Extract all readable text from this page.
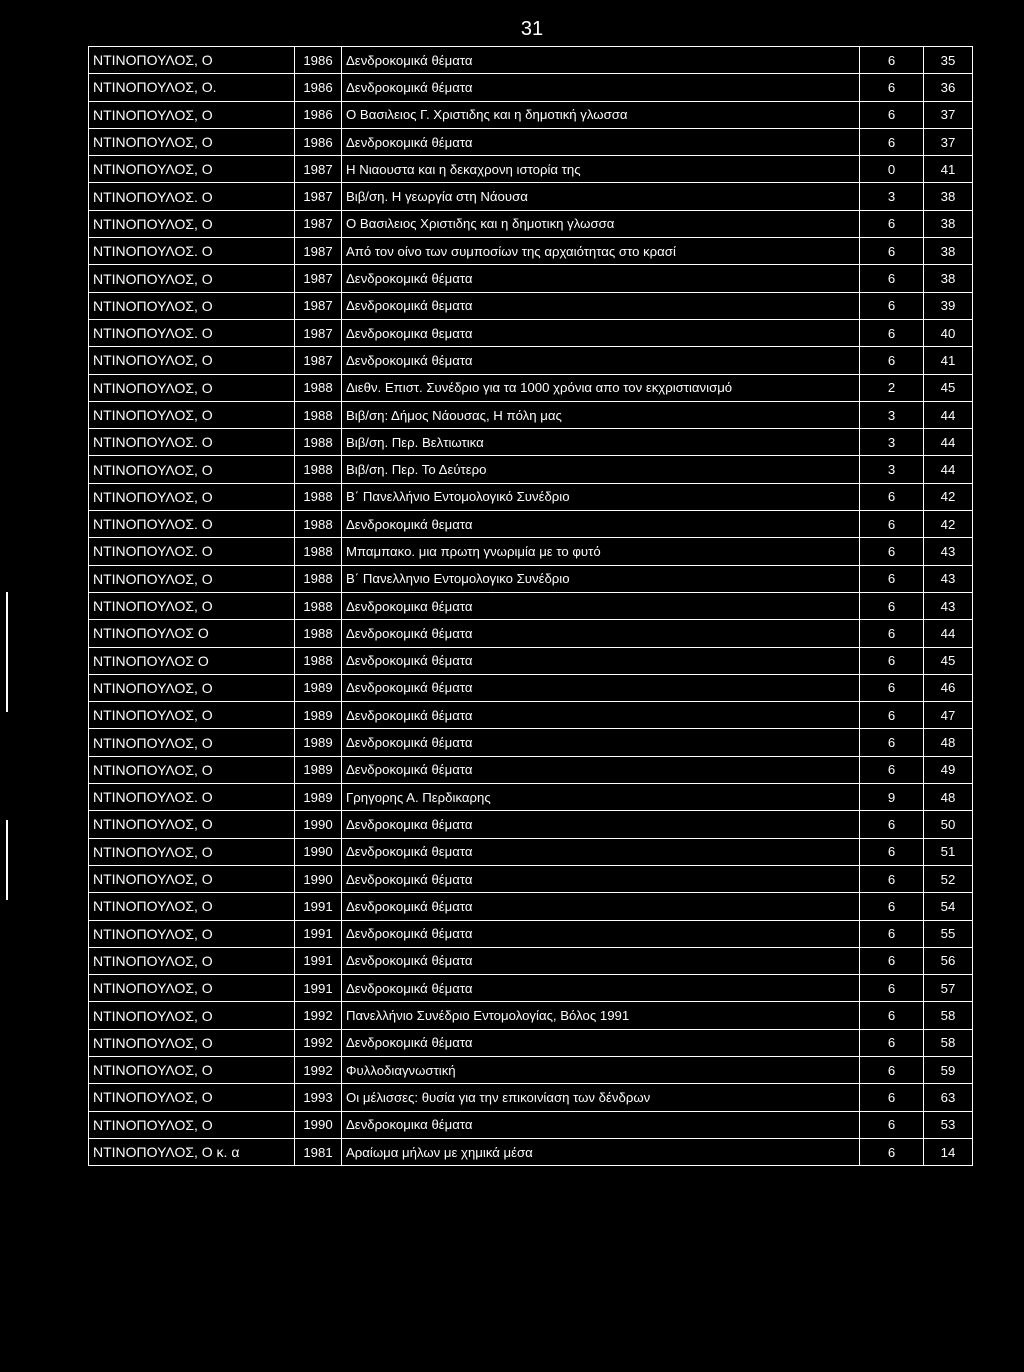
31
ΝΤΙΝΟΠΟΥΛΟΣ, Ο	1986	Δενδροκομικά θέματα	6	35
ΝΤΙΝΟΠΟΥΛΟΣ, Ο.	1986	Δενδροκομικά θέματα	6	36
ΝΤΙΝΟΠΟΥΛΟΣ, Ο	1986	Ο Βασιλειος Γ. Χριστιδης και η δημοτική γλωσσα	6	37
ΝΤΙΝΟΠΟΥΛΟΣ, Ο	1986	Δενδροκομικά θέματα	6	37
ΝΤΙΝΟΠΟΥΛΟΣ, Ο	1987	Η Νιαουστα και η δεκαχρονη ιστορία της	0	41
ΝΤΙΝΟΠΟΥΛΟΣ. Ο	1987	Βιβ/ση. Η γεωργία στη Νάουσα	3	38
ΝΤΙΝΟΠΟΥΛΟΣ, Ο	1987	Ο Βασιλειος Χριστιδης και η δημοτικη γλωσσα	6	38
ΝΤΙΝΟΠΟΥΛΟΣ. Ο	1987	Από τον οίνο των συμποσίων της αρχαιότητας στο κρασί	6	38
ΝΤΙΝΟΠΟΥΛΟΣ, Ο	1987	Δενδροκομικά θέματα	6	38
ΝΤΙΝΟΠΟΥΛΟΣ, Ο	1987	Δενδροκομικά θεματα	6	39
ΝΤΙΝΟΠΟΥΛΟΣ. Ο	1987	Δενδροκομικα θεματα	6	40
ΝΤΙΝΟΠΟΥΛΟΣ, Ο	1987	Δενδροκομικά θέματα	6	41
ΝΤΙΝΟΠΟΥΛΟΣ, Ο	1988	Διεθν. Επιστ. Συνέδριο για τα 1000 χρόνια απο τον εκχριστιανισμό	2	45
ΝΤΙΝΟΠΟΥΛΟΣ, Ο	1988	Βιβ/ση: Δήμος Νάουσας, Η πόλη μας	3	44
ΝΤΙΝΟΠΟΥΛΟΣ. Ο	1988	Βιβ/ση. Περ. Βελτιωτικα	3	44
ΝΤΙΝΟΠΟΥΛΟΣ, Ο	1988	Βιβ/ση. Περ. Το Δεύτερο	3	44
ΝΤΙΝΟΠΟΥΛΟΣ, Ο	1988	Β΄ Πανελλήνιο Εντομολογικό Συνέδριο	6	42
ΝΤΙΝΟΠΟΥΛΟΣ. Ο	1988	Δενδροκομικά θεματα	6	42
ΝΤΙΝΟΠΟΥΛΟΣ. Ο	1988	Μπαμπακο. μια πρωτη γνωριμία με το φυτό	6	43
ΝΤΙΝΟΠΟΥΛΟΣ, Ο	1988	Β΄ Πανελληνιο Εντομολογικο Συνέδριο	6	43
ΝΤΙΝΟΠΟΥΛΟΣ, Ο	1988	Δενδροκομικα θέματα	6	43
ΝΤΙΝΟΠΟΥΛΟΣ Ο	1988	Δενδροκομικά θέματα	6	44
ΝΤΙΝΟΠΟΥΛΟΣ Ο	1988	Δενδροκομικά θέματα	6	45
ΝΤΙΝΟΠΟΥΛΟΣ, Ο	1989	Δενδροκομικά θέματα	6	46
ΝΤΙΝΟΠΟΥΛΟΣ, Ο	1989	Δενδροκομικά θέματα	6	47
ΝΤΙΝΟΠΟΥΛΟΣ, Ο	1989	Δενδροκομικά θέματα	6	48
ΝΤΙΝΟΠΟΥΛΟΣ, Ο	1989	Δενδροκομικά θέματα	6	49
ΝΤΙΝΟΠΟΥΛΟΣ. Ο	1989	Γρηγορης Α. Περδικαρης	9	48
ΝΤΙΝΟΠΟΥΛΟΣ, Ο	1990	Δενδροκομικα θέματα	6	50
ΝΤΙΝΟΠΟΥΛΟΣ, Ο	1990	Δενδροκομικά θεματα	6	51
ΝΤΙΝΟΠΟΥΛΟΣ, Ο	1990	Δενδροκομικά θέματα	6	52
ΝΤΙΝΟΠΟΥΛΟΣ, Ο	1991	Δενδροκομικά θέματα	6	54
ΝΤΙΝΟΠΟΥΛΟΣ, Ο	1991	Δενδροκομικά θέματα	6	55
ΝΤΙΝΟΠΟΥΛΟΣ, Ο	1991	Δενδροκομικά θέματα	6	56
ΝΤΙΝΟΠΟΥΛΟΣ, Ο	1991	Δενδροκομικά θέματα	6	57
ΝΤΙΝΟΠΟΥΛΟΣ, Ο	1992	Πανελλήνιο Συνέδριο Εντομολογίας, Βόλος 1991	6	58
ΝΤΙΝΟΠΟΥΛΟΣ, Ο	1992	Δενδροκομικά θέματα	6	58
ΝΤΙΝΟΠΟΥΛΟΣ, Ο	1992	Φυλλοδιαγνωστική	6	59
ΝΤΙΝΟΠΟΥΛΟΣ, Ο	1993	Οι μέλισσες: θυσία για την επικοινίαση των δένδρων	6	63
ΝΤΙΝΟΠΟΥΛΟΣ, Ο	1990	Δενδροκομικα θέματα	6	53
ΝΤΙΝΟΠΟΥΛΟΣ, Ο κ. α	1981	Αραίωμα μήλων με χημικά μέσα	6	14
